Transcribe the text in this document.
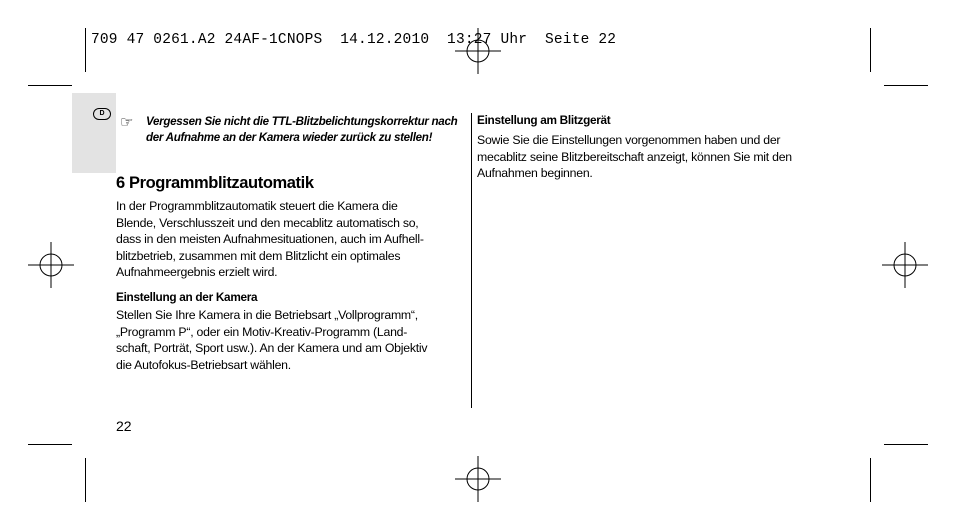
709 47 0261.A2 24AF-1CNOPS  14.12.2010  13:27 Uhr  Seite 22
D
☞ Vergessen Sie nicht die TTL-Blitzbelichtungskorrektur nach der Aufnahme an der Kamera wieder zurück zu stellen!
6 Programmblitzautomatik
In der Programmblitzautomatik steuert die Kamera die
Blende, Verschlusszeit und den mecablitz automatisch so,
dass in den meisten Aufnahmesituationen, auch im Aufhell-
blitzbetrieb, zusammen mit dem Blitzlicht ein optimales
Aufnahmeergebnis erzielt wird.
Einstellung an der Kamera
Stellen Sie Ihre Kamera in die Betriebsart „Vollprogramm“,
„Programm P“, oder ein Motiv-Kreativ-Programm (Land-
schaft, Porträt, Sport usw.). An der Kamera und am Objektiv
die Autofokus-Betriebsart wählen.
Einstellung am Blitzgerät
Sowie Sie die Einstellungen vorgenommen haben und der
mecablitz seine Blitzbereitschaft anzeigt, können Sie mit den
Aufnahmen beginnen.
22
